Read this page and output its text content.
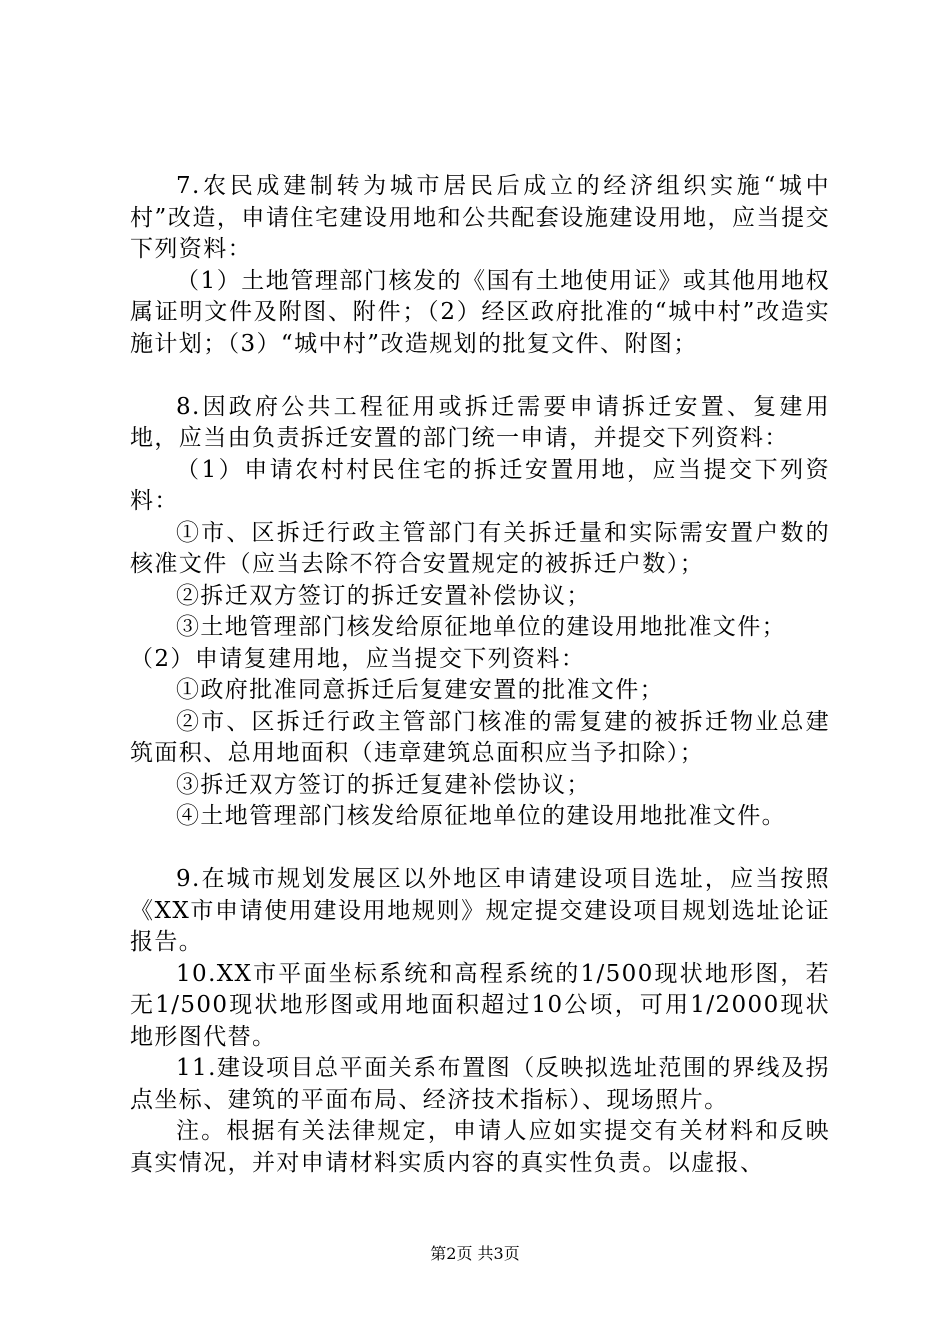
7.农民成建制转为城市居民后成立的经济组织实施“城中村”改造，申请住宅建设用地和公共配套设施建设用地，应当提交下列资料：

（1）土地管理部门核发的《国有土地使用证》或其他用地权属证明文件及附图、附件；（2）经区政府批准的“城中村”改造实施计划；（3）“城中村”改造规划的批复文件、附图；

8.因政府公共工程征用或拆迁需要申请拆迁安置、复建用地，应当由负责拆迁安置的部门统一申请，并提交下列资料：

（1）申请农村村民住宅的拆迁安置用地，应当提交下列资料：

①市、区拆迁行政主管部门有关拆迁量和实际需安置户数的核准文件（应当去除不符合安置规定的被拆迁户数）；

②拆迁双方签订的拆迁安置补偿协议；

③土地管理部门核发给原征地单位的建设用地批准文件；

（2）申请复建用地，应当提交下列资料：

①政府批准同意拆迁后复建安置的批准文件；

②市、区拆迁行政主管部门核准的需复建的被拆迁物业总建筑面积、总用地面积（违章建筑总面积应当予扣除）；

③拆迁双方签订的拆迁复建补偿协议；

④土地管理部门核发给原征地单位的建设用地批准文件。

9.在城市规划发展区以外地区申请建设项目选址，应当按照《XX市申请使用建设用地规则》规定提交建设项目规划选址论证报告。

10.XX市平面坐标系统和高程系统的1/500现状地形图，若无1/500现状地形图或用地面积超过10公顷，可用1/2000现状地形图代替。

11.建设项目总平面关系布置图（反映拟选址范围的界线及拐点坐标、建筑的平面布局、经济技术指标）、现场照片。

注。根据有关法律规定，申请人应如实提交有关材料和反映真实情况，并对申请材料实质内容的真实性负责。以虚报、

第2页 共3页
